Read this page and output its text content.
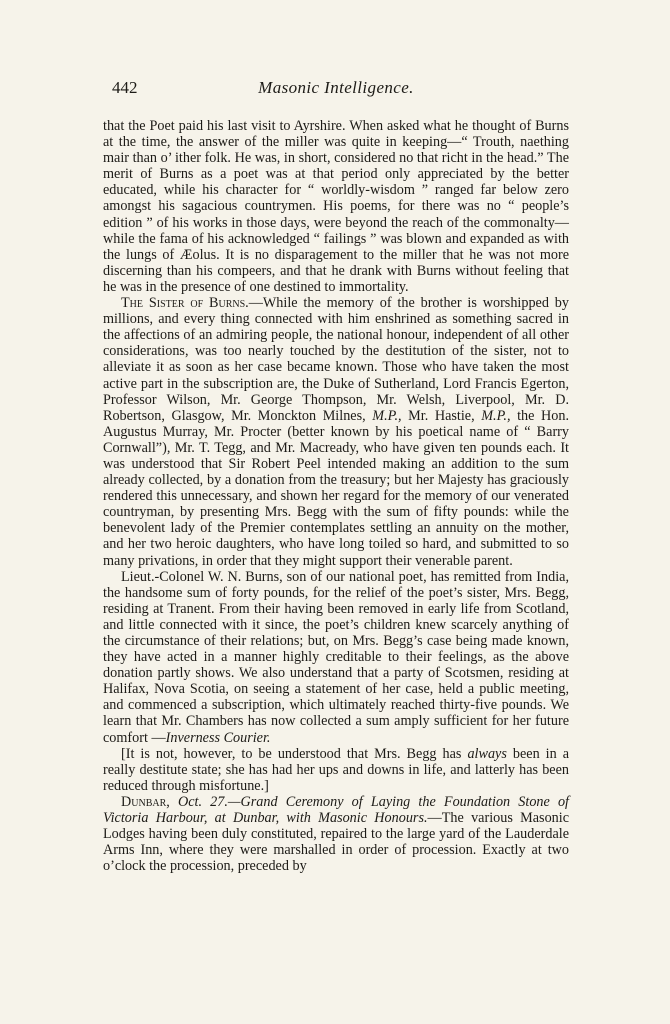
442	Masonic Intelligence.

that the Poet paid his last visit to Ayrshire. When asked what he thought of Burns at the time, the answer of the miller was quite in keeping—“ Trouth, naething mair than o’ ither folk. He was, in short, considered no that richt in the head.” The merit of Burns as a poet was at that period only appreciated by the better educated, while his character for “ worldly-wisdom ” ranged far below zero amongst his sagacious countrymen. His poems, for there was no “ people’s edition ” of his works in those days, were beyond the reach of the commonalty—while the fama of his acknowledged “ failings ” was blown and expanded as with the lungs of Æolus. It is no disparagement to the miller that he was not more discerning than his compeers, and that he drank with Burns without feeling that he was in the presence of one destined to immortality.

The Sister of Burns.—While the memory of the brother is worshipped by millions, and every thing connected with him enshrined as something sacred in the affections of an admiring people, the national honour, independent of all other considerations, was too nearly touched by the destitution of the sister, not to alleviate it as soon as her case became known. Those who have taken the most active part in the subscription are, the Duke of Sutherland, Lord Francis Egerton, Professor Wilson, Mr. George Thompson, Mr. Welsh, Liverpool, Mr. D. Robertson, Glasgow, Mr. Monckton Milnes, M.P., Mr. Hastie, M.P., the Hon. Augustus Murray, Mr. Procter (better known by his poetical name of “ Barry Cornwall”), Mr. T. Tegg, and Mr. Macready, who have given ten pounds each. It was understood that Sir Robert Peel intended making an addition to the sum already collected, by a donation from the treasury; but her Majesty has graciously rendered this unnecessary, and shown her regard for the memory of our venerated countryman, by presenting Mrs. Begg with the sum of fifty pounds: while the benevolent lady of the Premier contemplates settling an annuity on the mother, and her two heroic daughters, who have long toiled so hard, and submitted to so many privations, in order that they might support their venerable parent.

Lieut.-Colonel W. N. Burns, son of our national poet, has remitted from India, the handsome sum of forty pounds, for the relief of the poet’s sister, Mrs. Begg, residing at Tranent. From their having been removed in early life from Scotland, and little connected with it since, the poet’s children knew scarcely anything of the circumstance of their relations; but, on Mrs. Begg’s case being made known, they have acted in a manner highly creditable to their feelings, as the above donation partly shows. We also understand that a party of Scotsmen, residing at Halifax, Nova Scotia, on seeing a statement of her case, held a public meeting, and commenced a subscription, which ultimately reached thirty-five pounds. We learn that Mr. Chambers has now collected a sum amply sufficient for her future comfort —Inverness Courier.

[It is not, however, to be understood that Mrs. Begg has always been in a really destitute state; she has had her ups and downs in life, and latterly has been reduced through misfortune.]

Dunbar, Oct. 27.—Grand Ceremony of Laying the Foundation Stone of Victoria Harbour, at Dunbar, with Masonic Honours.—The various Masonic Lodges having been duly constituted, repaired to the large yard of the Lauderdale Arms Inn, where they were marshalled in order of procession. Exactly at two o’clock the procession, preceded by
